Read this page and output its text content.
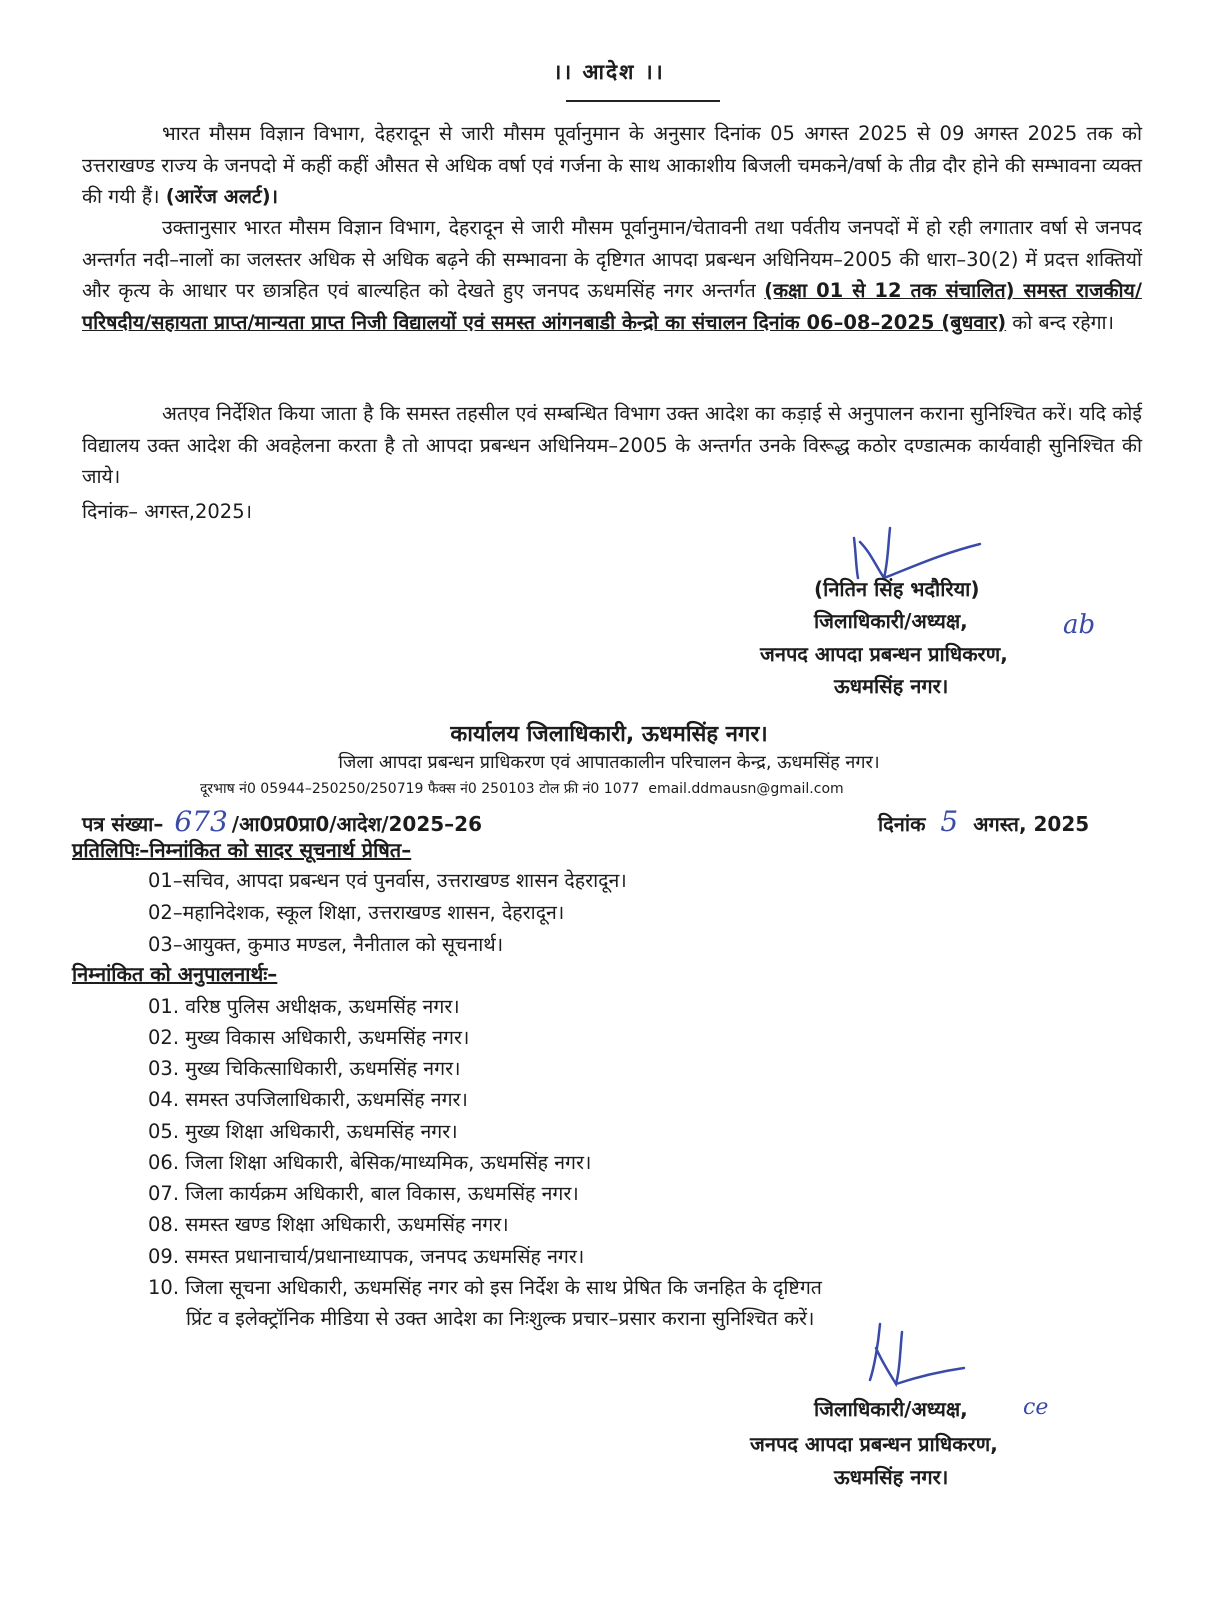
।। आदेश ।।
भारत मौसम विज्ञान विभाग, देहरादून से जारी मौसम पूर्वानुमान के अनुसार दिनांक 05 अगस्त 2025 से 09 अगस्त 2025 तक को उत्तराखण्ड राज्य के जनपदो में कहीं कहीं औसत से अधिक वर्षा एवं गर्जना के साथ आकाशीय बिजली चमकने/वर्षा के तीव्र दौर होने की सम्भावना व्यक्त की गयी हैं। (आरेंज अलर्ट)।
उक्तानुसार भारत मौसम विज्ञान विभाग, देहरादून से जारी मौसम पूर्वानुमान/चेतावनी तथा पर्वतीय जनपदों में हो रही लगातार वर्षा से जनपद अन्तर्गत नदी–नालों का जलस्तर अधिक से अधिक बढ़ने की सम्भावना के दृष्टिगत आपदा प्रबन्धन अधिनियम–2005 की धारा–30(2) में प्रदत्त शक्तियों और कृत्य के आधार पर छात्रहित एवं बाल्यहित को देखते हुए जनपद ऊधमसिंह नगर अन्तर्गत (कक्षा 01 से 12 तक संचालित) समस्त राजकीय/परिषदीय/सहायता प्राप्त/मान्यता प्राप्त निजी विद्यालयों एवं समस्त आंगनबाडी केन्द्रो का संचालन दिनांक 06–08–2025 (बुधवार) को बन्द रहेगा।
अतएव निर्देशित किया जाता है कि समस्त तहसील एवं सम्बन्धित विभाग उक्त आदेश का कड़ाई से अनुपालन कराना सुनिश्चित करें। यदि कोई विद्यालय उक्त आदेश की अवहेलना करता है तो आपदा प्रबन्धन अधिनियम–2005 के अन्तर्गत उनके विरूद्ध कठोर दण्डात्मक कार्यवाही सुनिश्चित की जाये।
दिनांक– अगस्त,2025।
(नितिन सिंह भदौरिया)
जिलाधिकारी/अध्यक्ष,	ab
जनपद आपदा प्रबन्धन प्राधिकरण,
ऊधमसिंह नगर।
कार्यालय जिलाधिकारी, ऊधमसिंह नगर।
जिला आपदा प्रबन्धन प्राधिकरण एवं आपातकालीन परिचालन केन्द्र, ऊधमसिंह नगर।
दूरभाष नं0 05944–250250/250719 फैक्स नं0 250103 टोल फ्री नं0 1077 email.ddmausn@gmail.com
पत्र संख्या– 673 /आ0प्र0प्रा0/आदेश/2025–26	दिनांक 5 अगस्त, 2025
प्रतिलिपिः–निम्नांकित को सादर सूचनार्थ प्रेषित–
01–सचिव, आपदा प्रबन्धन एवं पुनर्वास, उत्तराखण्ड शासन देहरादून।
02–महानिदेशक, स्कूल शिक्षा, उत्तराखण्ड शासन, देहरादून।
03–आयुक्त, कुमाउ मण्डल, नैनीताल को सूचनार्थ।
निम्नांकित को अनुपालनार्थः–
01. वरिष्ठ पुलिस अधीक्षक, ऊधमसिंह नगर।
02. मुख्य विकास अधिकारी, ऊधमसिंह नगर।
03. मुख्य चिकित्साधिकारी, ऊधमसिंह नगर।
04. समस्त उपजिलाधिकारी, ऊधमसिंह नगर।
05. मुख्य शिक्षा अधिकारी, ऊधमसिंह नगर।
06. जिला शिक्षा अधिकारी, बेसिक/माध्यमिक, ऊधमसिंह नगर।
07. जिला कार्यक्रम अधिकारी, बाल विकास, ऊधमसिंह नगर।
08. समस्त खण्ड शिक्षा अधिकारी, ऊधमसिंह नगर।
09. समस्त प्रधानाचार्य/प्रधानाध्यापक, जनपद ऊधमसिंह नगर।
10. जिला सूचना अधिकारी, ऊधमसिंह नगर को इस निर्देश के साथ प्रेषित कि जनहित के दृष्टिगत
प्रिंट व इलेक्ट्रॉनिक मीडिया से उक्त आदेश का निःशुल्क प्रचार–प्रसार कराना सुनिश्चित करें।
जिलाधिकारी/अध्यक्ष,	ce
जनपद आपदा प्रबन्धन प्राधिकरण,
ऊधमसिंह नगर।
